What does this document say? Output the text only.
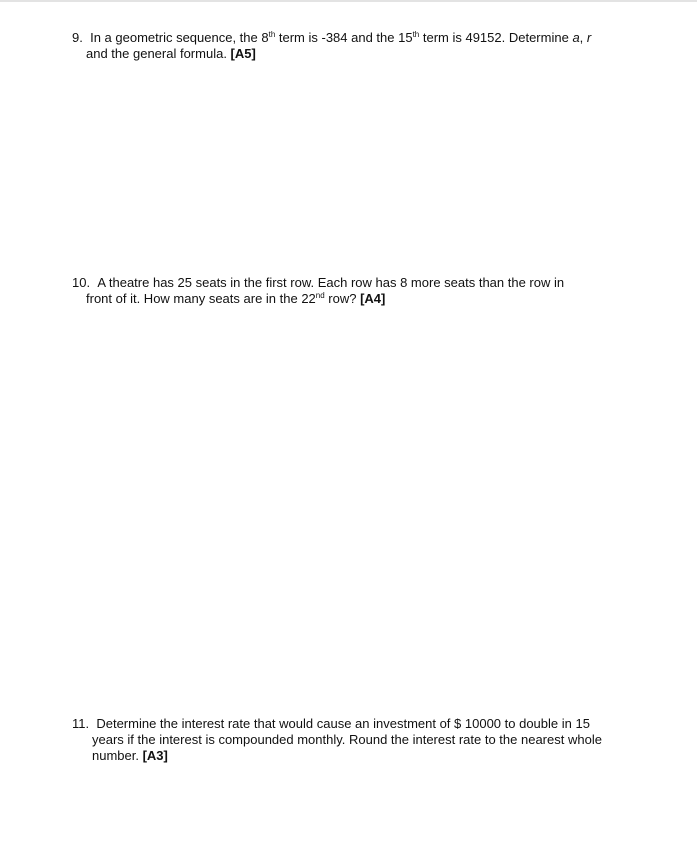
9. In a geometric sequence, the 8th term is -384 and the 15th term is 49152. Determine a, r
and the general formula. [A5]
10. A theatre has 25 seats in the first row. Each row has 8 more seats than the row in
front of it. How many seats are in the 22nd row? [A4]
11. Determine the interest rate that would cause an investment of $ 10000 to double in 15
years if the interest is compounded monthly. Round the interest rate to the nearest whole
number. [A3]
